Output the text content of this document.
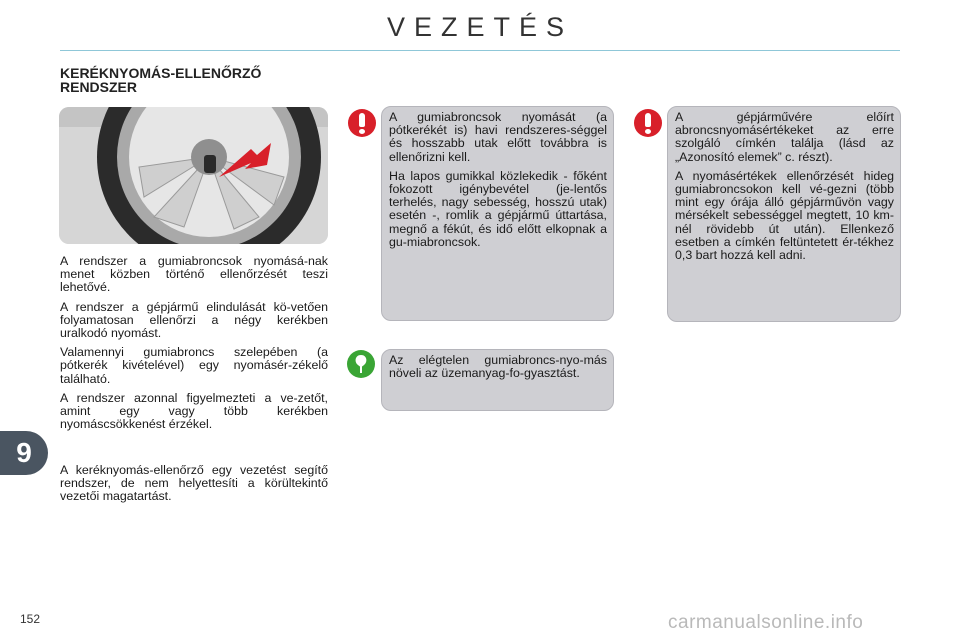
VEZETÉS
KERÉKNYOMÁS-ELLENŐRZŐ
RENDSZER

A rendszer a gumiabroncsok nyomásá-nak menet közben történő ellenőrzését teszi lehetővé.

A rendszer a gépjármű elindulását kö-vetően folyamatosan ellenőrzi a négy kerékben uralkodó nyomást.

Valamennyi gumiabroncs szelepében (a pótkerék kivételével) egy nyomásér-zékelő található.

A rendszer azonnal figyelmezteti a ve-zetőt, amint egy vagy több kerékben nyomáscsökkenést érzékel.

A keréknyomás-ellenőrző egy vezetést segítő rendszer, de nem helyettesíti a körültekintő vezetői magatartást.

A gumiabroncsok nyomását (a pótkerékét is) havi rendszeres-séggel és hosszabb utak előtt továbbra is ellenőrizni kell.

Ha lapos gumikkal közlekedik - főként fokozott igénybevétel (je-lentős terhelés, nagy sebesség, hosszú utak) esetén -, romlik a gépjármű úttartása, megnő a fékút, és idő előtt elkopnak a gu-miabroncsok.

A gépjárművére előírt abroncsnyomásértékeket az erre szolgáló címkén találja (lásd az „Azonosító elemek” c. részt).

A nyomásértékek ellenőrzését hideg gumiabroncsokon kell vé-gezni (több mint egy órája álló gépjárművön vagy mérsékelt sebességgel megtett, 10 km-nél rövidebb út után). Ellenkező esetben a címkén feltüntetett ér-tékhez 0,3 bart hozzá kell adni.

Az elégtelen gumiabroncs-nyo-más növeli az üzemanyag-fo-gyasztást.

9
152	carmanualsonline.info
